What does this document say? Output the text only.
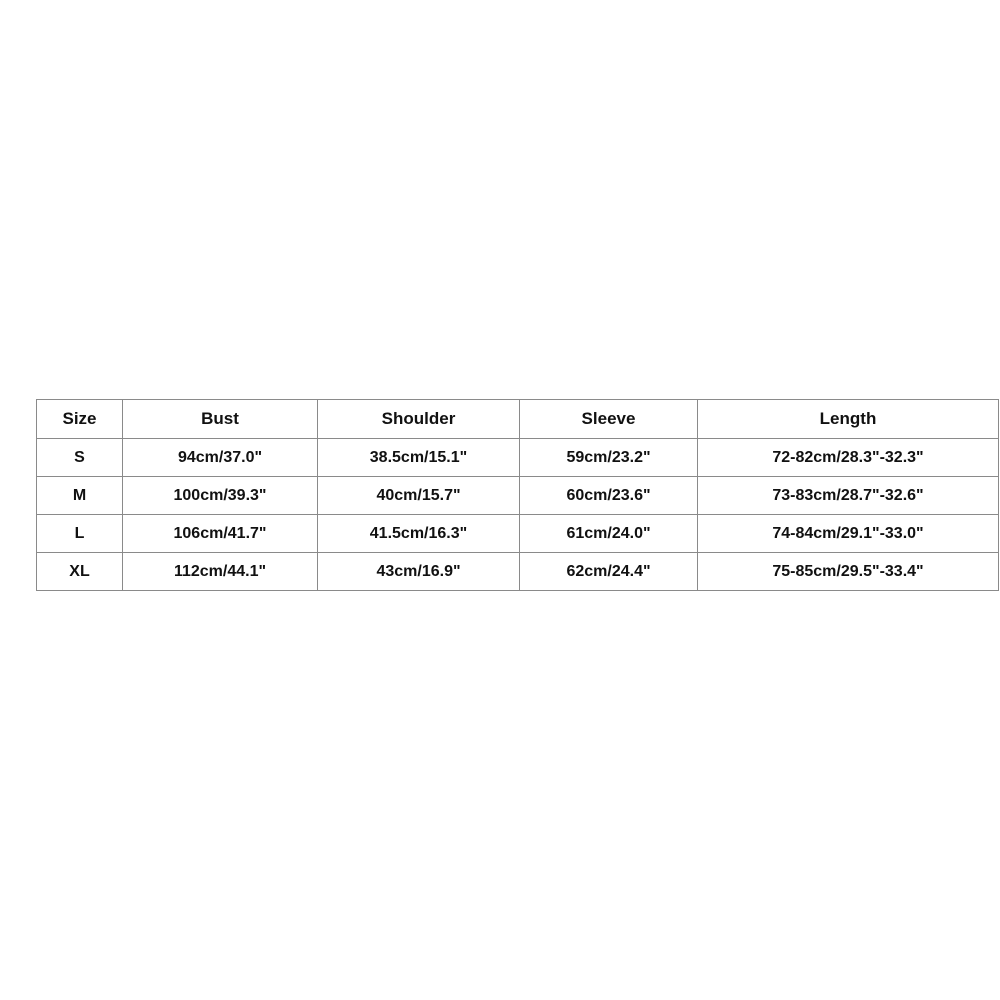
Size	Bust	Shoulder	Sleeve	Length
S	94cm/37.0"	38.5cm/15.1"	59cm/23.2"	72-82cm/28.3"-32.3"
M	100cm/39.3"	40cm/15.7"	60cm/23.6"	73-83cm/28.7"-32.6"
L	106cm/41.7"	41.5cm/16.3"	61cm/24.0"	74-84cm/29.1"-33.0"
XL	112cm/44.1"	43cm/16.9"	62cm/24.4"	75-85cm/29.5"-33.4"
